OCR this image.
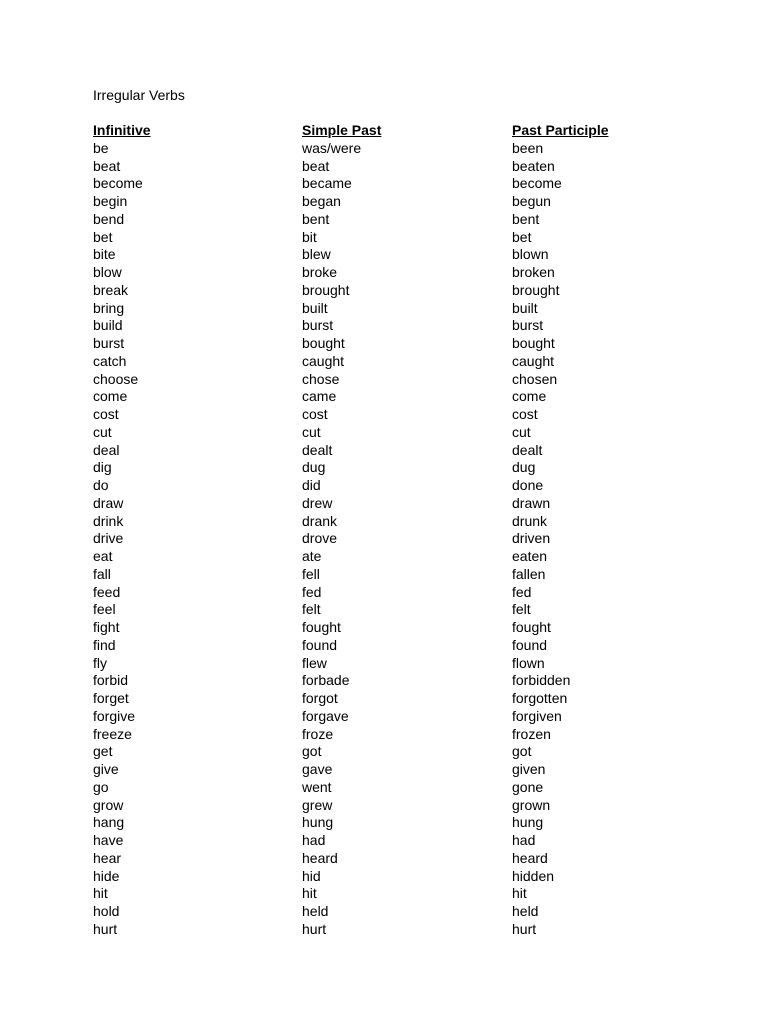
Irregular Verbs
Infinitive	Simple Past	Past Participle
be	was/were	been
beat	beat	beaten
become	became	become
begin	began	begun
bend	bent	bent
bet	bit	bet
bite	blew	blown
blow	broke	broken
break	brought	brought
bring	built	built
build	burst	burst
burst	bought	bought
catch	caught	caught
choose	chose	chosen
come	came	come
cost	cost	cost
cut	cut	cut
deal	dealt	dealt
dig	dug	dug
do	did	done
draw	drew	drawn
drink	drank	drunk
drive	drove	driven
eat	ate	eaten
fall	fell	fallen
feed	fed	fed
feel	felt	felt
fight	fought	fought
find	found	found
fly	flew	flown
forbid	forbade	forbidden
forget	forgot	forgotten
forgive	forgave	forgiven
freeze	froze	frozen
get	got	got
give	gave	given
go	went	gone
grow	grew	grown
hang	hung	hung
have	had	had
hear	heard	heard
hide	hid	hidden
hit	hit	hit
hold	held	held
hurt	hurt	hurt
